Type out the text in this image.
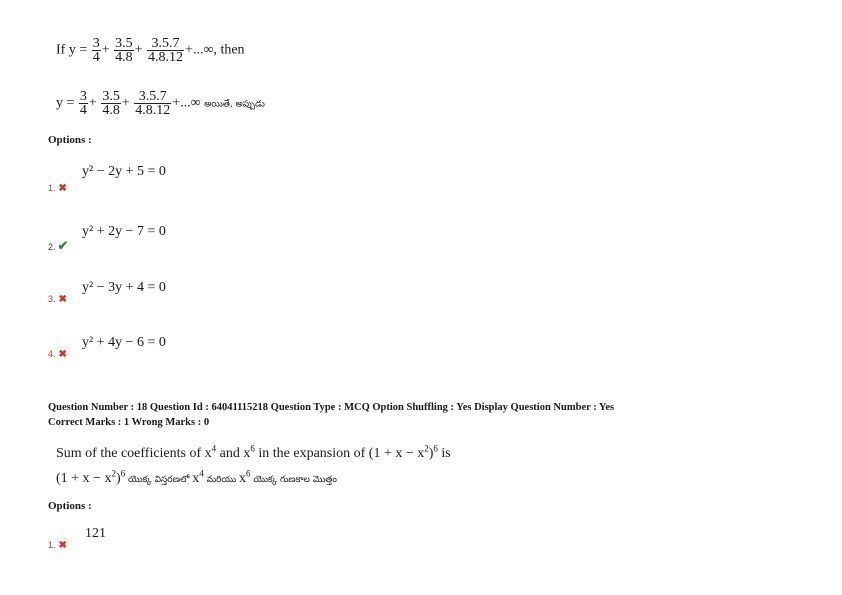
If $y = \frac{3}{4} + \frac{3.5}{4.8} + \frac{3.5.7}{4.8.12}$ +...∞, then
$y = \frac{3}{4} + \frac{3.5}{4.8} + \frac{3.5.7}{4.8.12}$ +...∞ అయితే, అప్పుడు
Options :
y² − 2y + 5 = 0
1. ✖
y² + 2y − 7 = 0
2. ✔
y² − 3y + 4 = 0
3. ✖
y² + 4y − 6 = 0
4. ✖
Question Number : 18 Question Id : 64041115218 Question Type : MCQ Option Shuffling : Yes Display Question Number : Yes
Correct Marks : 1 Wrong Marks : 0
Sum of the coefficients of $x^4$ and $x^6$ in the expansion of $(1 + x - x^2)^6$ is
$(1 + x - x^2)^6$ యొక్క విస్తరణలో $x^4$ మరియు $x^6$ యొక్క గుణకాల మొత్తం
Options :
121
1. ✖
